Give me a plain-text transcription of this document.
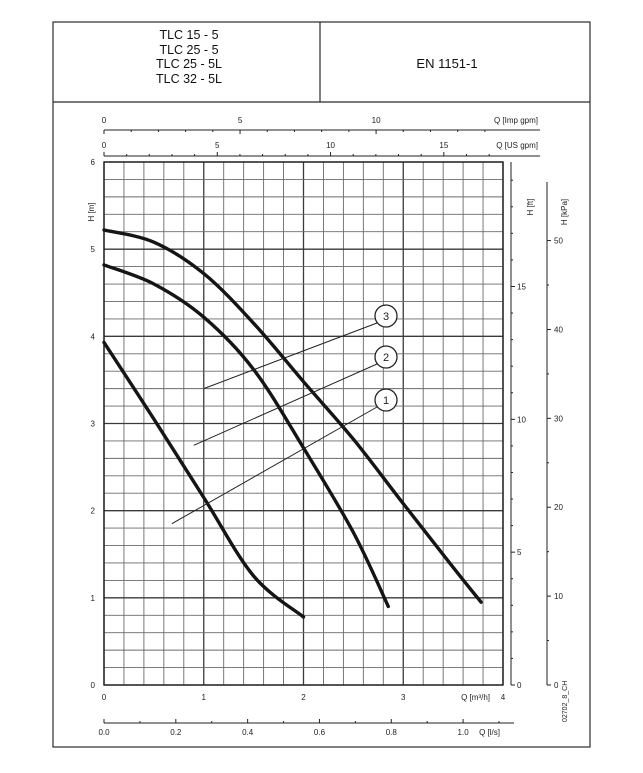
0
1
2
3
4
5
6
H [m]
0
5
10
15
H [ft]
0
10
20
30
40
50
H [kPa]
0	1	2	3	4
Q [m³/h]
0.0	0.2	0.4	0.6	0.8	1.0 Q [l/s]
0	5	10	Q [Imp gpm]
0	5	10	15	Q [US gpm]
3
2
1
TLC 15 - 5
TLC 25 - 5
TLC 25 - 5L
TLC 32 - 5L
EN 1151-1
02702_8_CH
